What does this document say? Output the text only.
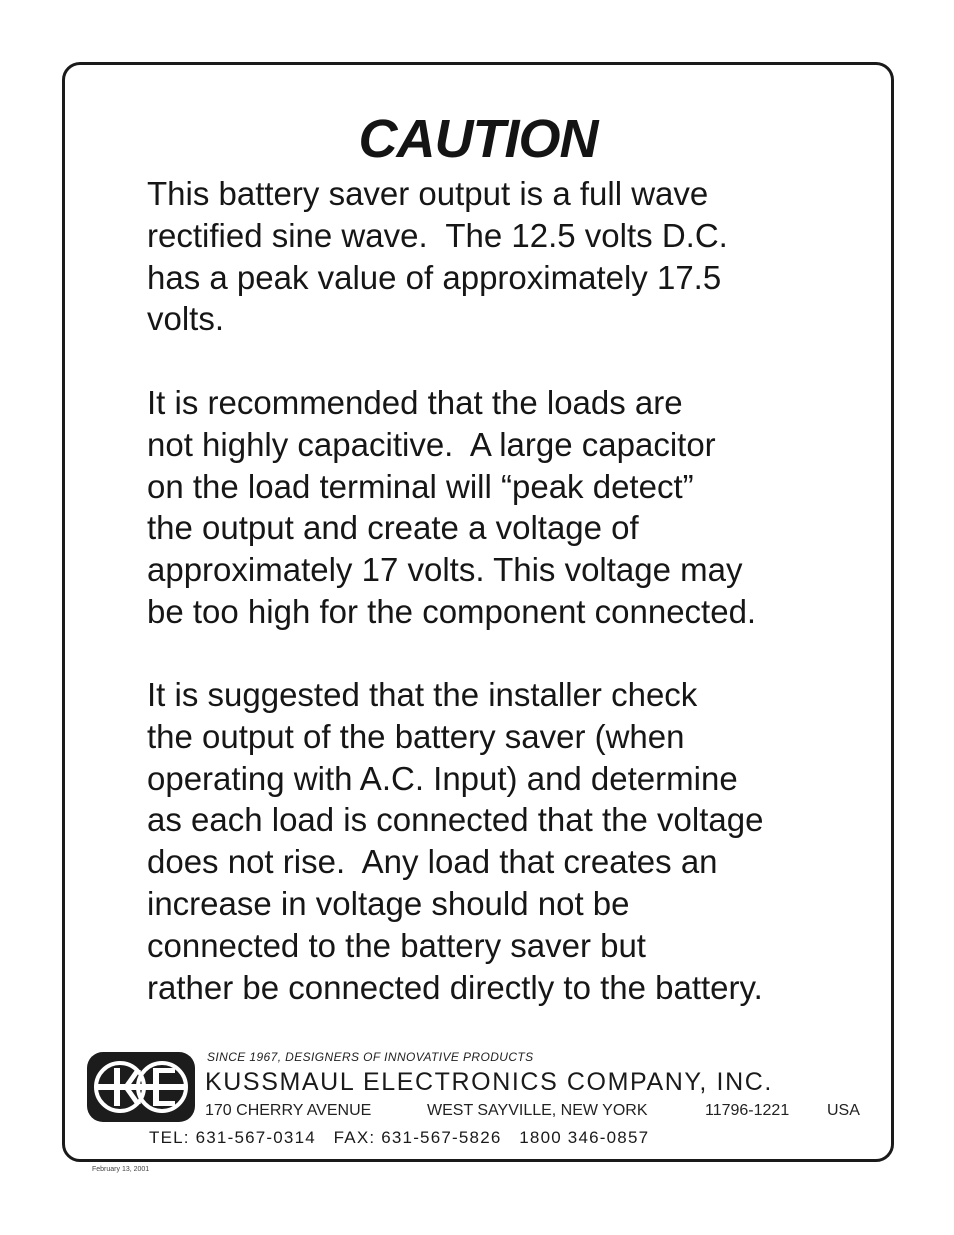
CAUTION

This battery saver output is a full wave
rectified sine wave.  The 12.5 volts D.C.
has a peak value of approximately 17.5
volts.

It is recommended that the loads are
not highly capacitive.  A large capacitor
on the load terminal will “peak detect”
the output and create a voltage of
approximately 17 volts. This voltage may
be too high for the component connected.

It is suggested that the installer check
the output of the battery saver (when
operating with A.C. Input) and determine
as each load is connected that the voltage
does not rise.  Any load that creates an
increase in voltage should not be
connected to the battery saver but
rather be connected directly to the battery.

SINCE 1967, DESIGNERS OF INNOVATIVE PRODUCTS
KUSSMAUL ELECTRONICS COMPANY, INC.
170 CHERRY AVENUE	WEST SAYVILLE, NEW YORK	11796-1221 USA
TEL: 631-567-0314   FAX: 631-567-5826   1800 346-0857
February 13, 2001
